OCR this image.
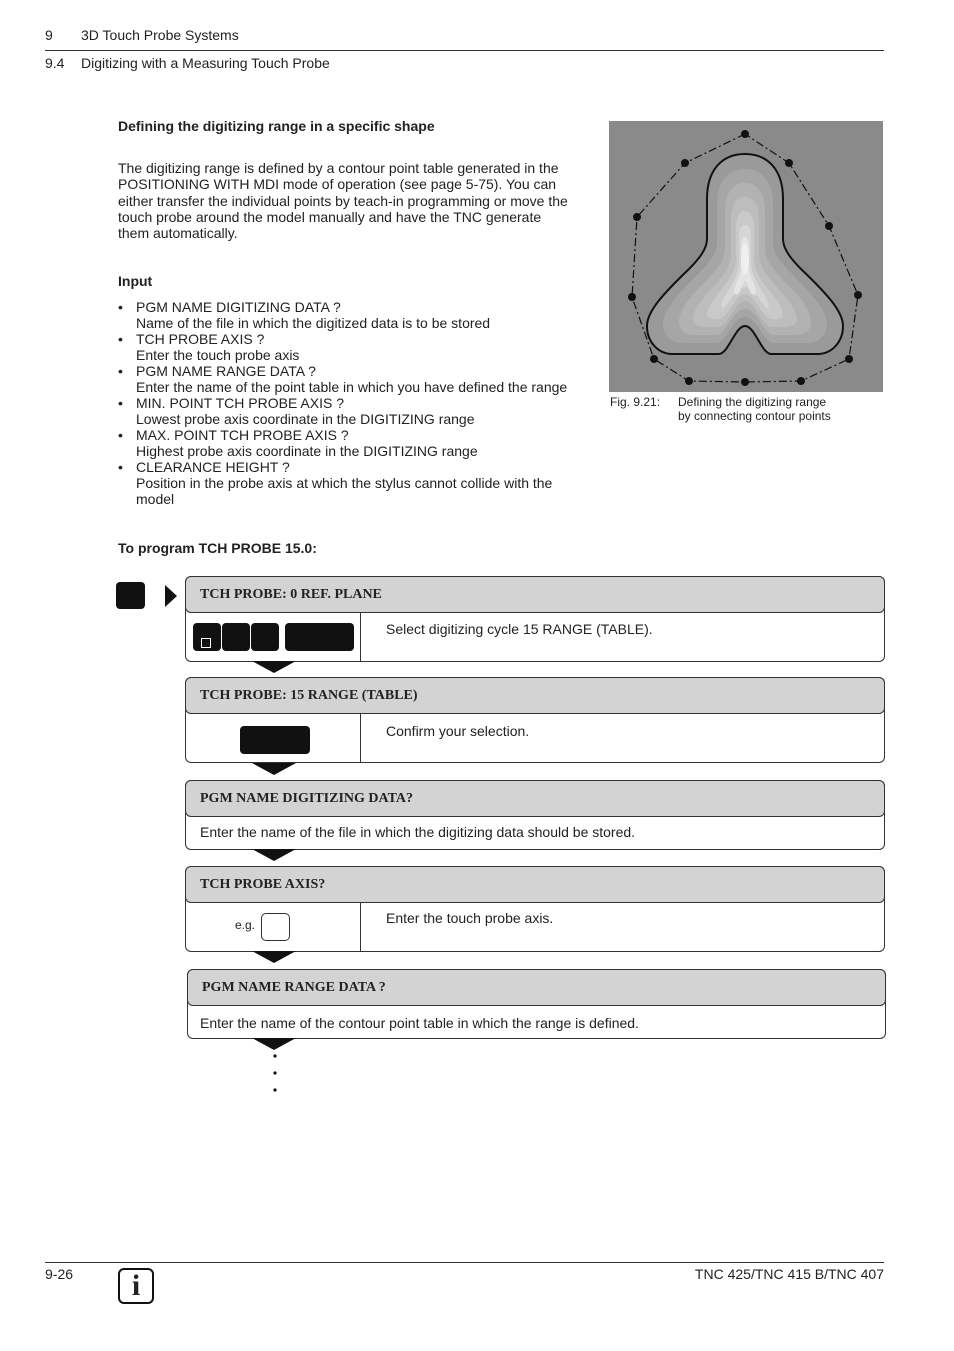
9 3D Touch Probe Systems
9.4 Digitizing with a Measuring Touch Probe
Defining the digitizing range in a specific shape
The digitizing range is defined by a contour point table generated in the
POSITIONING WITH MDI mode of operation (see page 5-75). You can
either transfer the individual points by teach-in programming or move the
touch probe around the model manually and have the TNC generate
them automatically.
Input
• PGM NAME DIGITIZING DATA ?
Name of the file in which the digitized data is to be stored
• TCH PROBE AXIS ?
Enter the touch probe axis
• PGM NAME RANGE DATA ?
Enter the name of the point table in which you have defined the range
• MIN. POINT TCH PROBE AXIS ?
Lowest probe axis coordinate in the DIGITIZING range
• MAX. POINT TCH PROBE AXIS ?
Highest probe axis coordinate in the DIGITIZING range
• CLEARANCE HEIGHT ?
Position in the probe axis at which the stylus cannot collide with the
model
Fig. 9.21: Defining the digitizing range
by connecting contour points
To program TCH PROBE 15.0:
TCH PROBE: 0 REF. PLANE
Select digitizing cycle 15 RANGE (TABLE).
TCH PROBE: 15 RANGE (TABLE)
Confirm your selection.
PGM NAME DIGITIZING DATA?
Enter the name of the file in which the digitizing data should be stored.
TCH PROBE AXIS?
e.g.	Enter the touch probe axis.
PGM NAME RANGE DATA ?
Enter the name of the contour point table in which the range is defined.
9-26	i	TNC 425/TNC 415 B/TNC 407
